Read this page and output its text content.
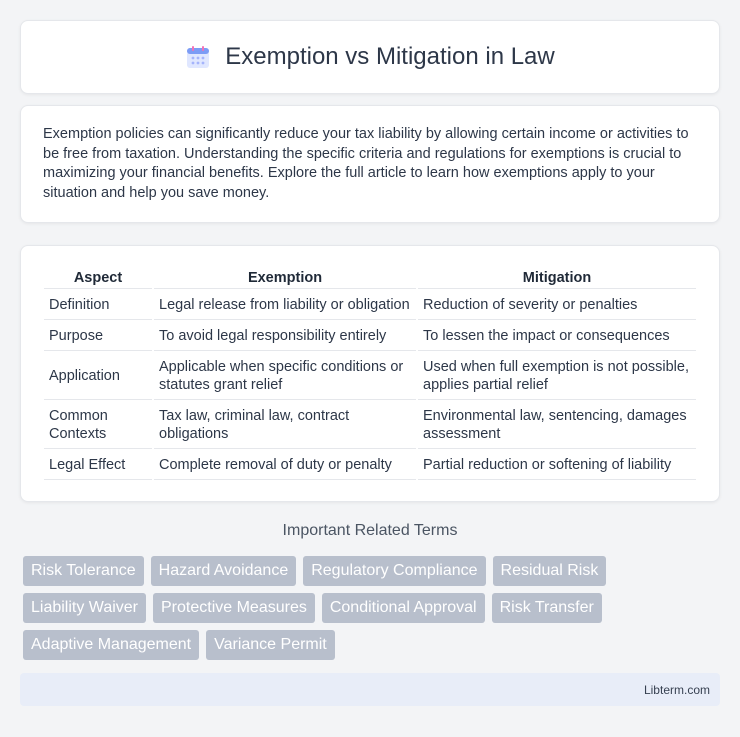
Exemption vs Mitigation in Law

Exemption policies can significantly reduce your tax liability by allowing certain income or activities to be free from taxation. Understanding the specific criteria and regulations for exemptions is crucial to maximizing your financial benefits. Explore the full article to learn how exemptions apply to your situation and help you save money.

Aspect	Exemption	Mitigation
Definition	Legal release from liability or obligation	Reduction of severity or penalties
Purpose	To avoid legal responsibility entirely	To lessen the impact or consequences
Application	Applicable when specific conditions or statutes grant relief	Used when full exemption is not possible, applies partial relief
Common Contexts	Tax law, criminal law, contract obligations	Environmental law, sentencing, damages assessment
Legal Effect	Complete removal of duty or penalty	Partial reduction or softening of liability
Important Related Terms
Risk Tolerance	Hazard Avoidance	Regulatory Compliance	Residual Risk
Liability Waiver	Protective Measures	Conditional Approval	Risk Transfer
Adaptive Management	Variance Permit
Libterm.com
